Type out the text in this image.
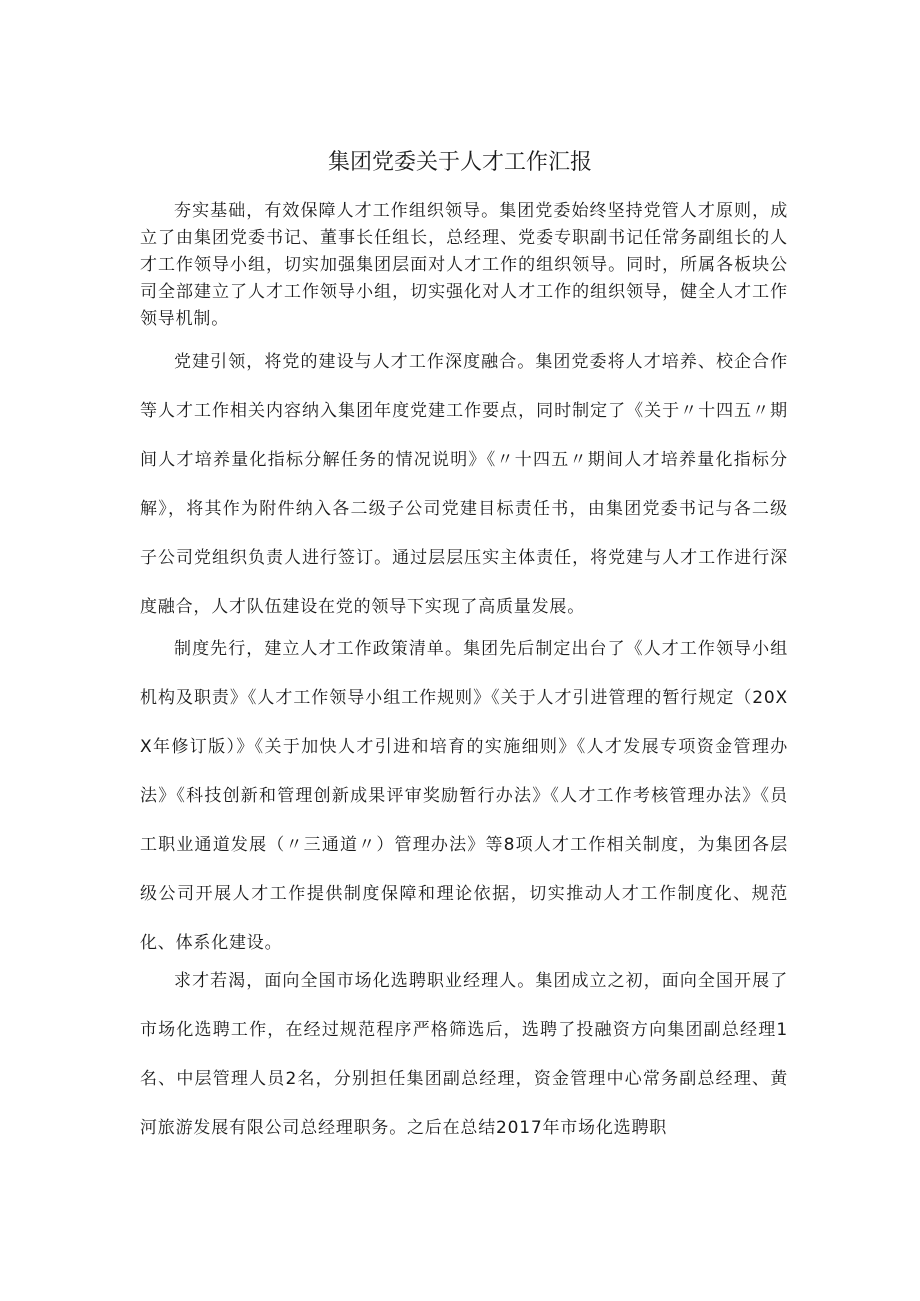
集团党委关于人才工作汇报

夯实基础，有效保障人才工作组织领导。集团党委始终坚持党管人才原则，成立了由集团党委书记、董事长任组长，总经理、党委专职副书记任常务副组长的人才工作领导小组，切实加强集团层面对人才工作的组织领导。同时，所属各板块公司全部建立了人才工作领导小组，切实强化对人才工作的组织领导，健全人才工作领导机制。

党建引领，将党的建设与人才工作深度融合。集团党委将人才培养、校企合作等人才工作相关内容纳入集团年度党建工作要点，同时制定了《关于〃十四五〃期间人才培养量化指标分解任务的情况说明》《〃十四五〃期间人才培养量化指标分解》，将其作为附件纳入各二级子公司党建目标责任书，由集团党委书记与各二级子公司党组织负责人进行签订。通过层层压实主体责任，将党建与人才工作进行深度融合，人才队伍建设在党的领导下实现了高质量发展。

制度先行，建立人才工作政策清单。集团先后制定出台了《人才工作领导小组机构及职责》《人才工作领导小组工作规则》《关于人才引进管理的暂行规定（20XX年修订版）》《关于加快人才引进和培育的实施细则》《人才发展专项资金管理办法》《科技创新和管理创新成果评审奖励暂行办法》《人才工作考核管理办法》《员工职业通道发展（〃三通道〃）管理办法》等8项人才工作相关制度，为集团各层级公司开展人才工作提供制度保障和理论依据，切实推动人才工作制度化、规范化、体系化建设。

求才若渴，面向全国市场化选聘职业经理人。集团成立之初，面向全国开展了市场化选聘工作，在经过规范程序严格筛选后，选聘了投融资方向集团副总经理1名、中层管理人员2名，分别担任集团副总经理，资金管理中心常务副总经理、黄河旅游发展有限公司总经理职务。之后在总结2017年市场化选聘职
